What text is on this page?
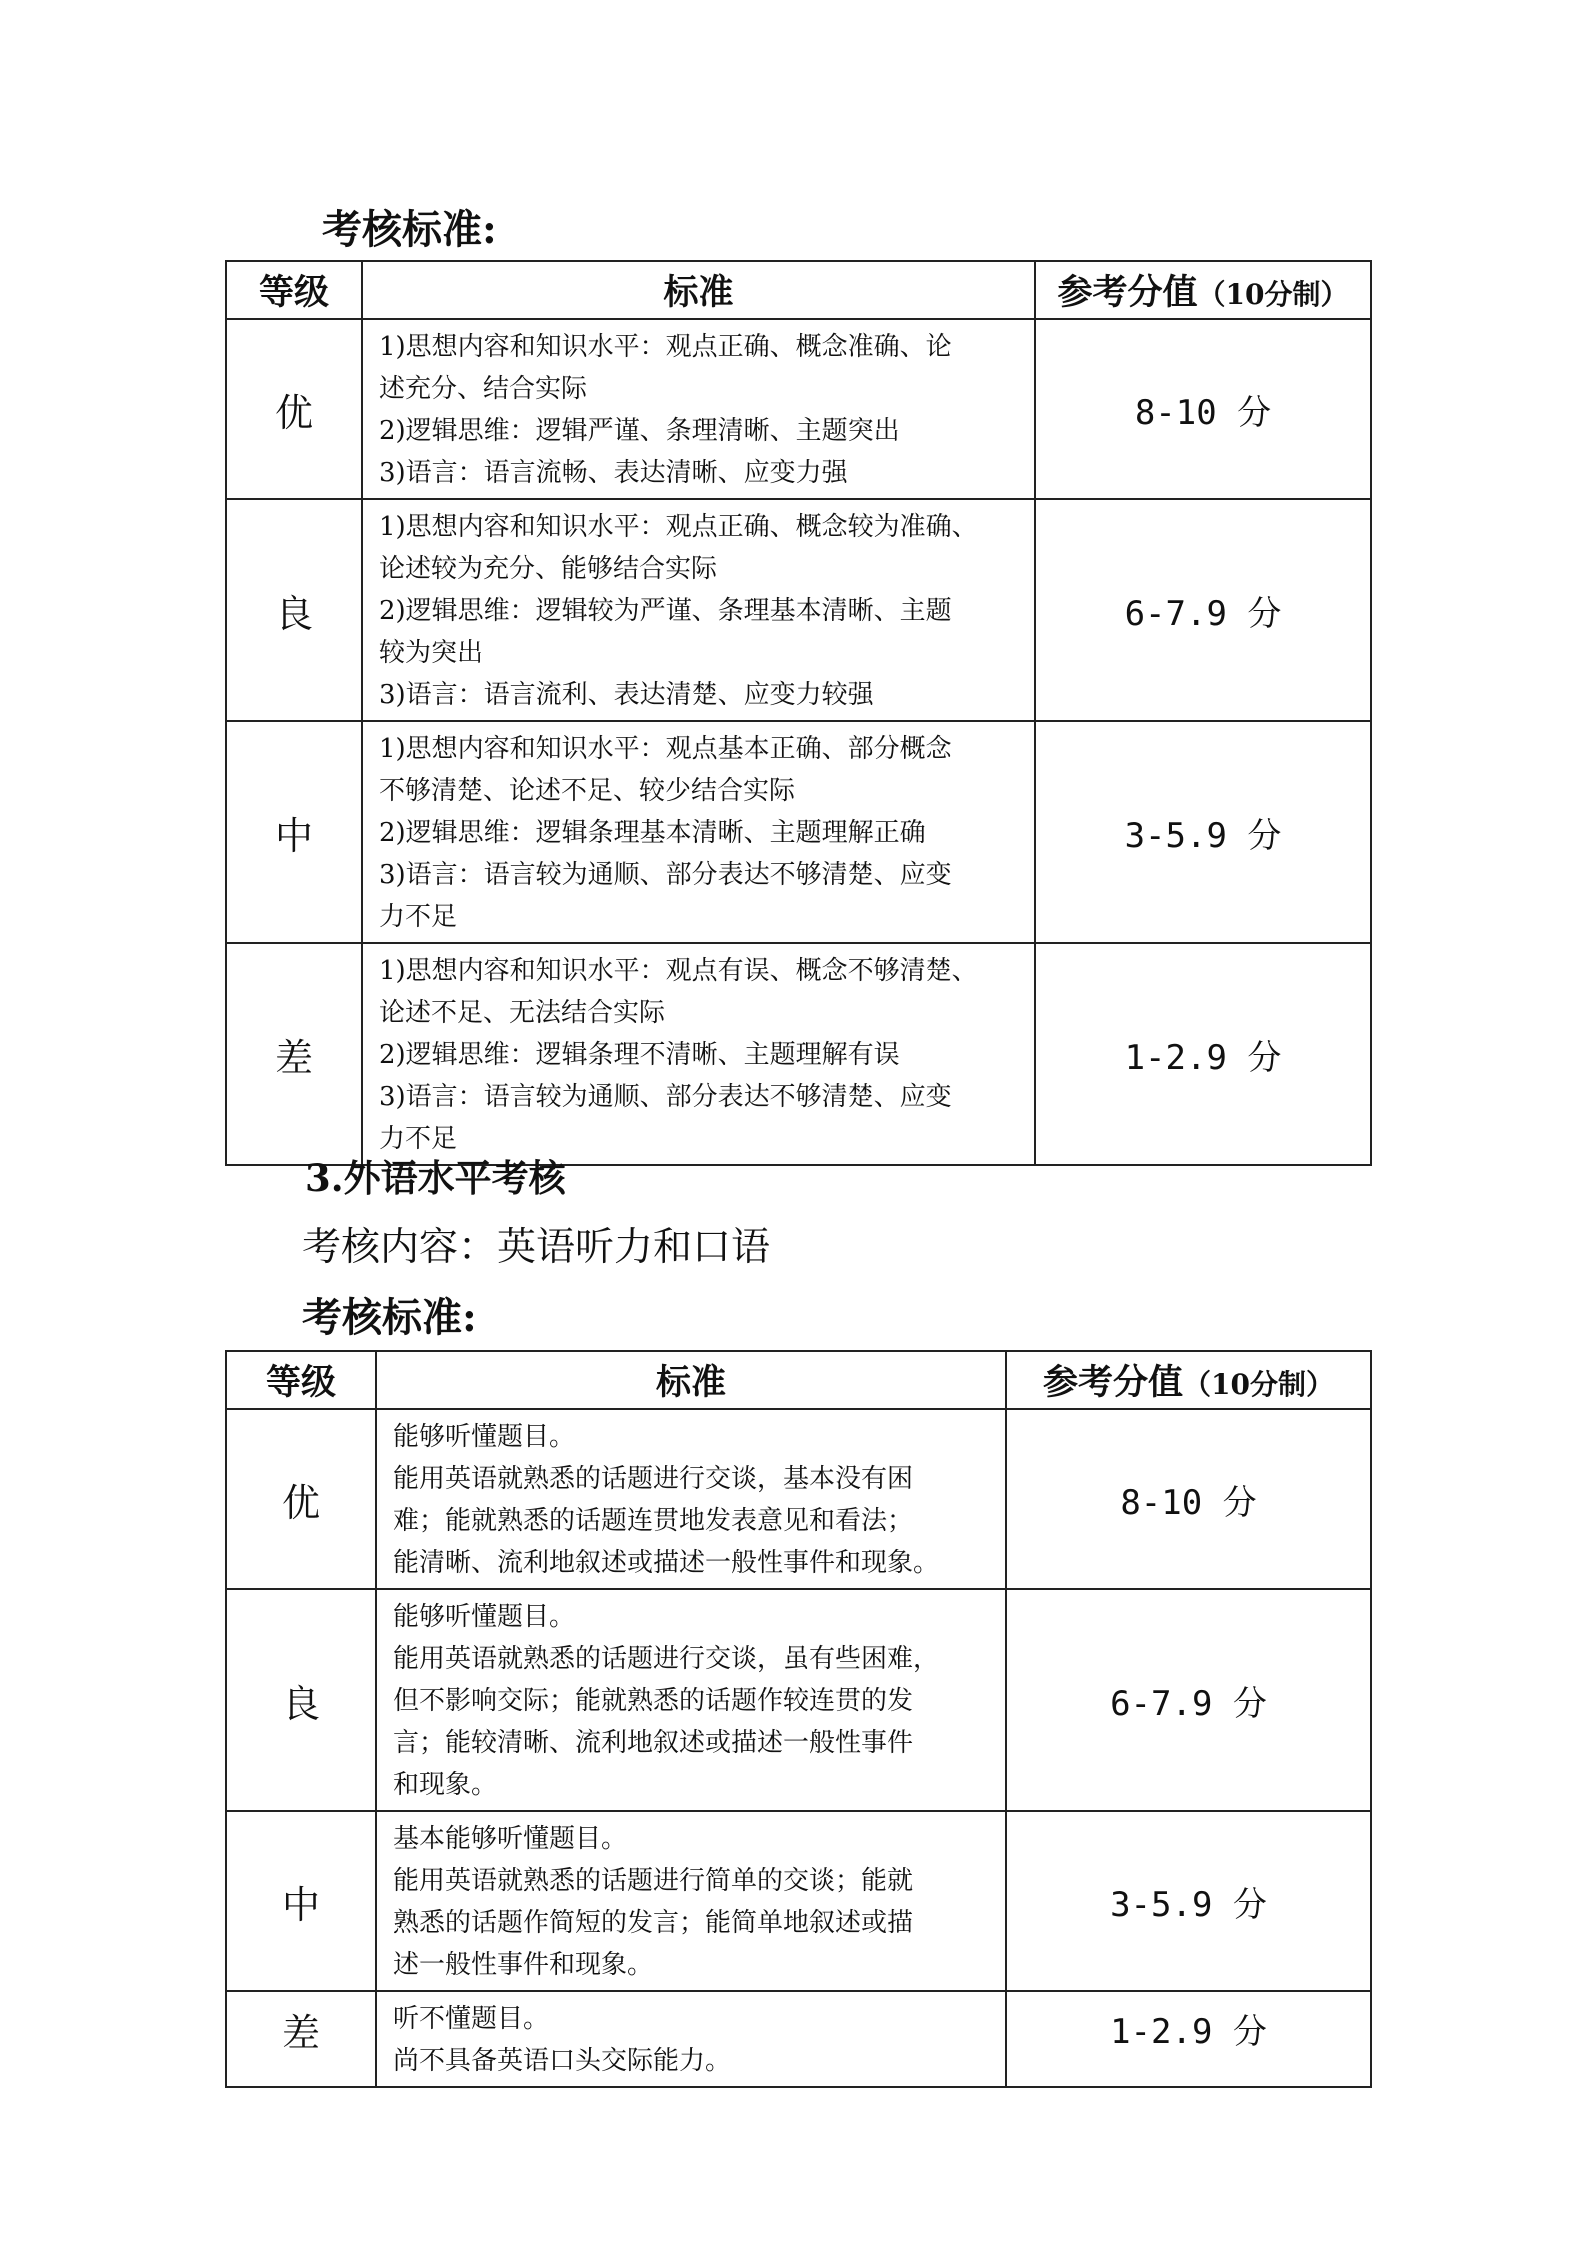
考核标准:
等级	标准	参考分值（10分制）
优	1)思想内容和知识水平：观点正确、概念准确、论
述充分、结合实际
2)逻辑思维：逻辑严谨、条理清晰、主题突出
3)语言：语言流畅、表达清晰、应变力强	8-10 分
良	1)思想内容和知识水平：观点正确、概念较为准确、
论述较为充分、能够结合实际
2)逻辑思维：逻辑较为严谨、条理基本清晰、主题
较为突出
3)语言：语言流利、表达清楚、应变力较强	6-7.9 分
中	1)思想内容和知识水平：观点基本正确、部分概念
不够清楚、论述不足、较少结合实际
2)逻辑思维：逻辑条理基本清晰、主题理解正确
3)语言：语言较为通顺、部分表达不够清楚、应变
力不足	3-5.9 分
差	1)思想内容和知识水平：观点有误、概念不够清楚、
论述不足、无法结合实际
2)逻辑思维：逻辑条理不清晰、主题理解有误
3)语言：语言较为通顺、部分表达不够清楚、应变
力不足	1-2.9 分
3.外语水平考核
考核内容：英语听力和口语
考核标准:
等级	标准	参考分值（10分制）
优	能够听懂题目。
能用英语就熟悉的话题进行交谈，基本没有困
难；能就熟悉的话题连贯地发表意见和看法；
能清晰、流利地叙述或描述一般性事件和现象。	8-10 分
良	能够听懂题目。
能用英语就熟悉的话题进行交谈，虽有些困难，
但不影响交际；能就熟悉的话题作较连贯的发
言；能较清晰、流利地叙述或描述一般性事件
和现象。	6-7.9 分
中	基本能够听懂题目。
能用英语就熟悉的话题进行简单的交谈；能就
熟悉的话题作简短的发言；能简单地叙述或描
述一般性事件和现象。	3-5.9 分
差	听不懂题目。
尚不具备英语口头交际能力。	1-2.9 分
